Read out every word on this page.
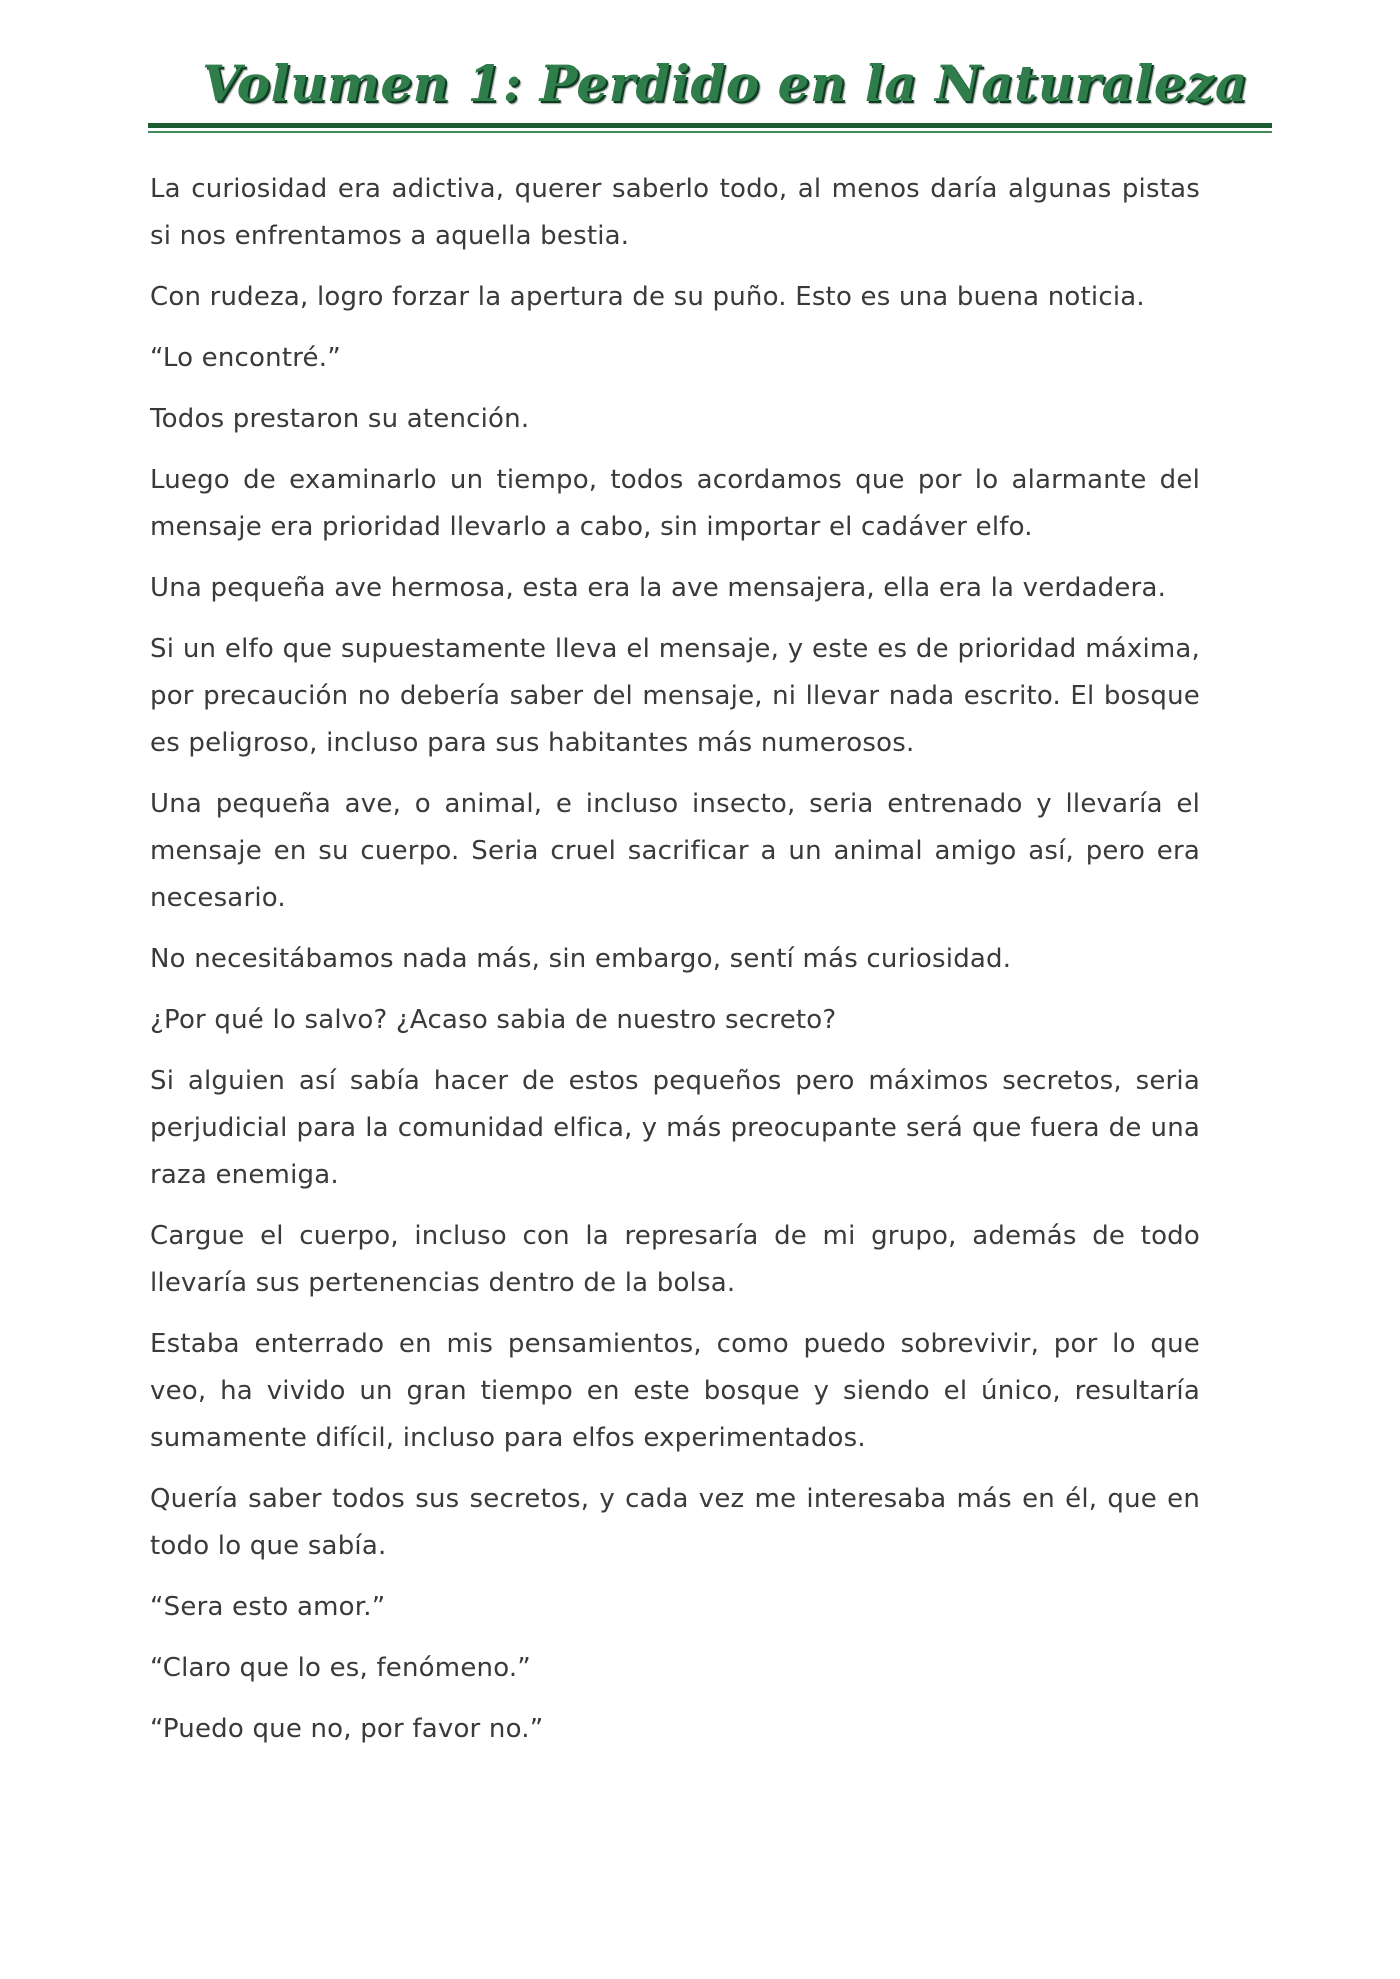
Volumen 1: Perdido en la Naturaleza

La curiosidad era adictiva, querer saberlo todo, al menos daría algunas pistas si nos enfrentamos a aquella bestia.

Con rudeza, logro forzar la apertura de su puño. Esto es una buena noticia.

“Lo encontré.”

Todos prestaron su atención.

Luego de examinarlo un tiempo, todos acordamos que por lo alarmante del mensaje era prioridad llevarlo a cabo, sin importar el cadáver elfo.

Una pequeña ave hermosa, esta era la ave mensajera, ella era la verdadera.

Si un elfo que supuestamente lleva el mensaje, y este es de prioridad máxima, por precaución no debería saber del mensaje, ni llevar nada escrito. El bosque es peligroso, incluso para sus habitantes más numerosos.

Una pequeña ave, o animal, e incluso insecto, seria entrenado y llevaría el mensaje en su cuerpo. Seria cruel sacrificar a un animal amigo así, pero era necesario.

No necesitábamos nada más, sin embargo, sentí más curiosidad.

¿Por qué lo salvo? ¿Acaso sabia de nuestro secreto?

Si alguien así sabía hacer de estos pequeños pero máximos secretos, seria perjudicial para la comunidad elfica, y más preocupante será que fuera de una raza enemiga.

Cargue el cuerpo, incluso con la represaría de mi grupo, además de todo llevaría sus pertenencias dentro de la bolsa.

Estaba enterrado en mis pensamientos, como puedo sobrevivir, por lo que veo, ha vivido un gran tiempo en este bosque y siendo el único, resultaría sumamente difícil, incluso para elfos experimentados.

Quería saber todos sus secretos, y cada vez me interesaba más en él, que en todo lo que sabía.

“Sera esto amor.”

“Claro que lo es, fenómeno.”

“Puedo que no, por favor no.”
